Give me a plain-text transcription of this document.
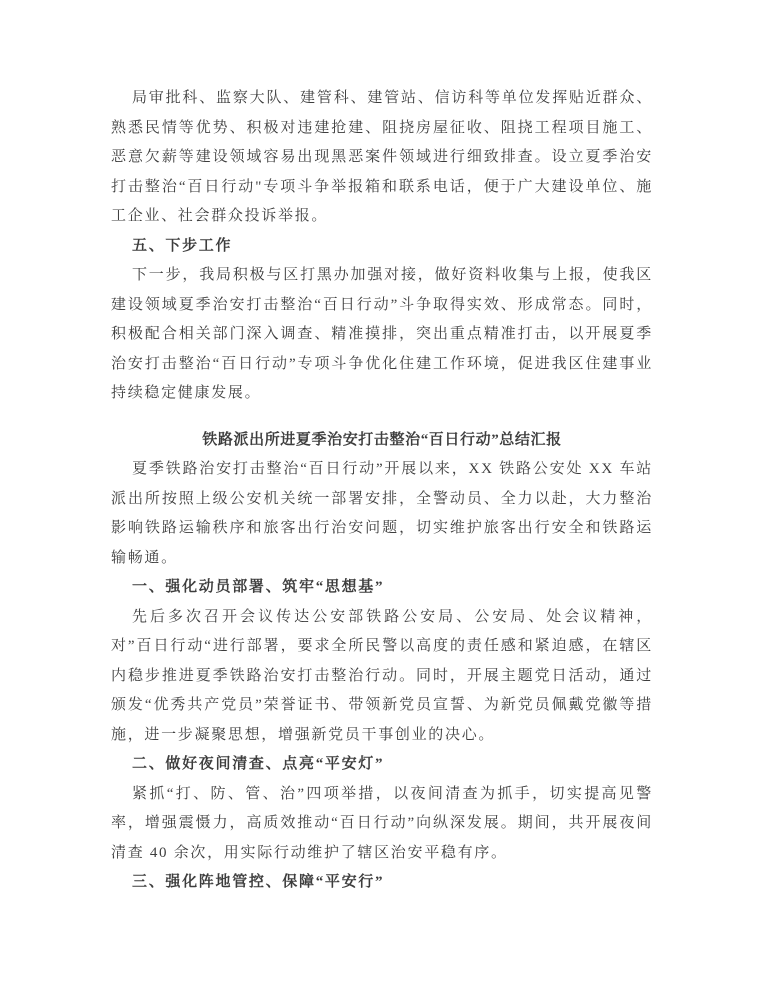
局审批科、监察大队、建管科、建管站、信访科等单位发挥贴近群众、熟悉民情等优势、积极对违建抢建、阻挠房屋征收、阻挠工程项目施工、恶意欠薪等建设领域容易出现黑恶案件领域进行细致排查。设立夏季治安打击整治“百日行动"专项斗争举报箱和联系电话，便于广大建设单位、施工企业、社会群众投诉举报。

五、下步工作

下一步，我局积极与区打黑办加强对接，做好资料收集与上报，使我区建设领域夏季治安打击整治“百日行动”斗争取得实效、形成常态。同时，积极配合相关部门深入调查、精准摸排，突出重点精准打击，以开展夏季治安打击整治“百日行动”专项斗争优化住建工作环境，促进我区住建事业持续稳定健康发展。

铁路派出所进夏季治安打击整治“百日行动”总结汇报

夏季铁路治安打击整治“百日行动”开展以来，XX 铁路公安处 XX 车站派出所按照上级公安机关统一部署安排，全警动员、全力以赴，大力整治影响铁路运输秩序和旅客出行治安问题，切实维护旅客出行安全和铁路运输畅通。

一、强化动员部署、筑牢“思想基”

先后多次召开会议传达公安部铁路公安局、公安局、处会议精神，对”百日行动“进行部署，要求全所民警以高度的责任感和紧迫感，在辖区内稳步推进夏季铁路治安打击整治行动。同时，开展主题党日活动，通过颁发“优秀共产党员”荣誉证书、带领新党员宣誓、为新党员佩戴党徽等措施，进一步凝聚思想，增强新党员干事创业的决心。

二、做好夜间清查、点亮“平安灯”

紧抓“打、防、管、治”四项举措，以夜间清查为抓手，切实提高见警率，增强震慑力，高质效推动“百日行动”向纵深发展。期间，共开展夜间清查 40 余次，用实际行动维护了辖区治安平稳有序。

三、强化阵地管控、保障“平安行”
